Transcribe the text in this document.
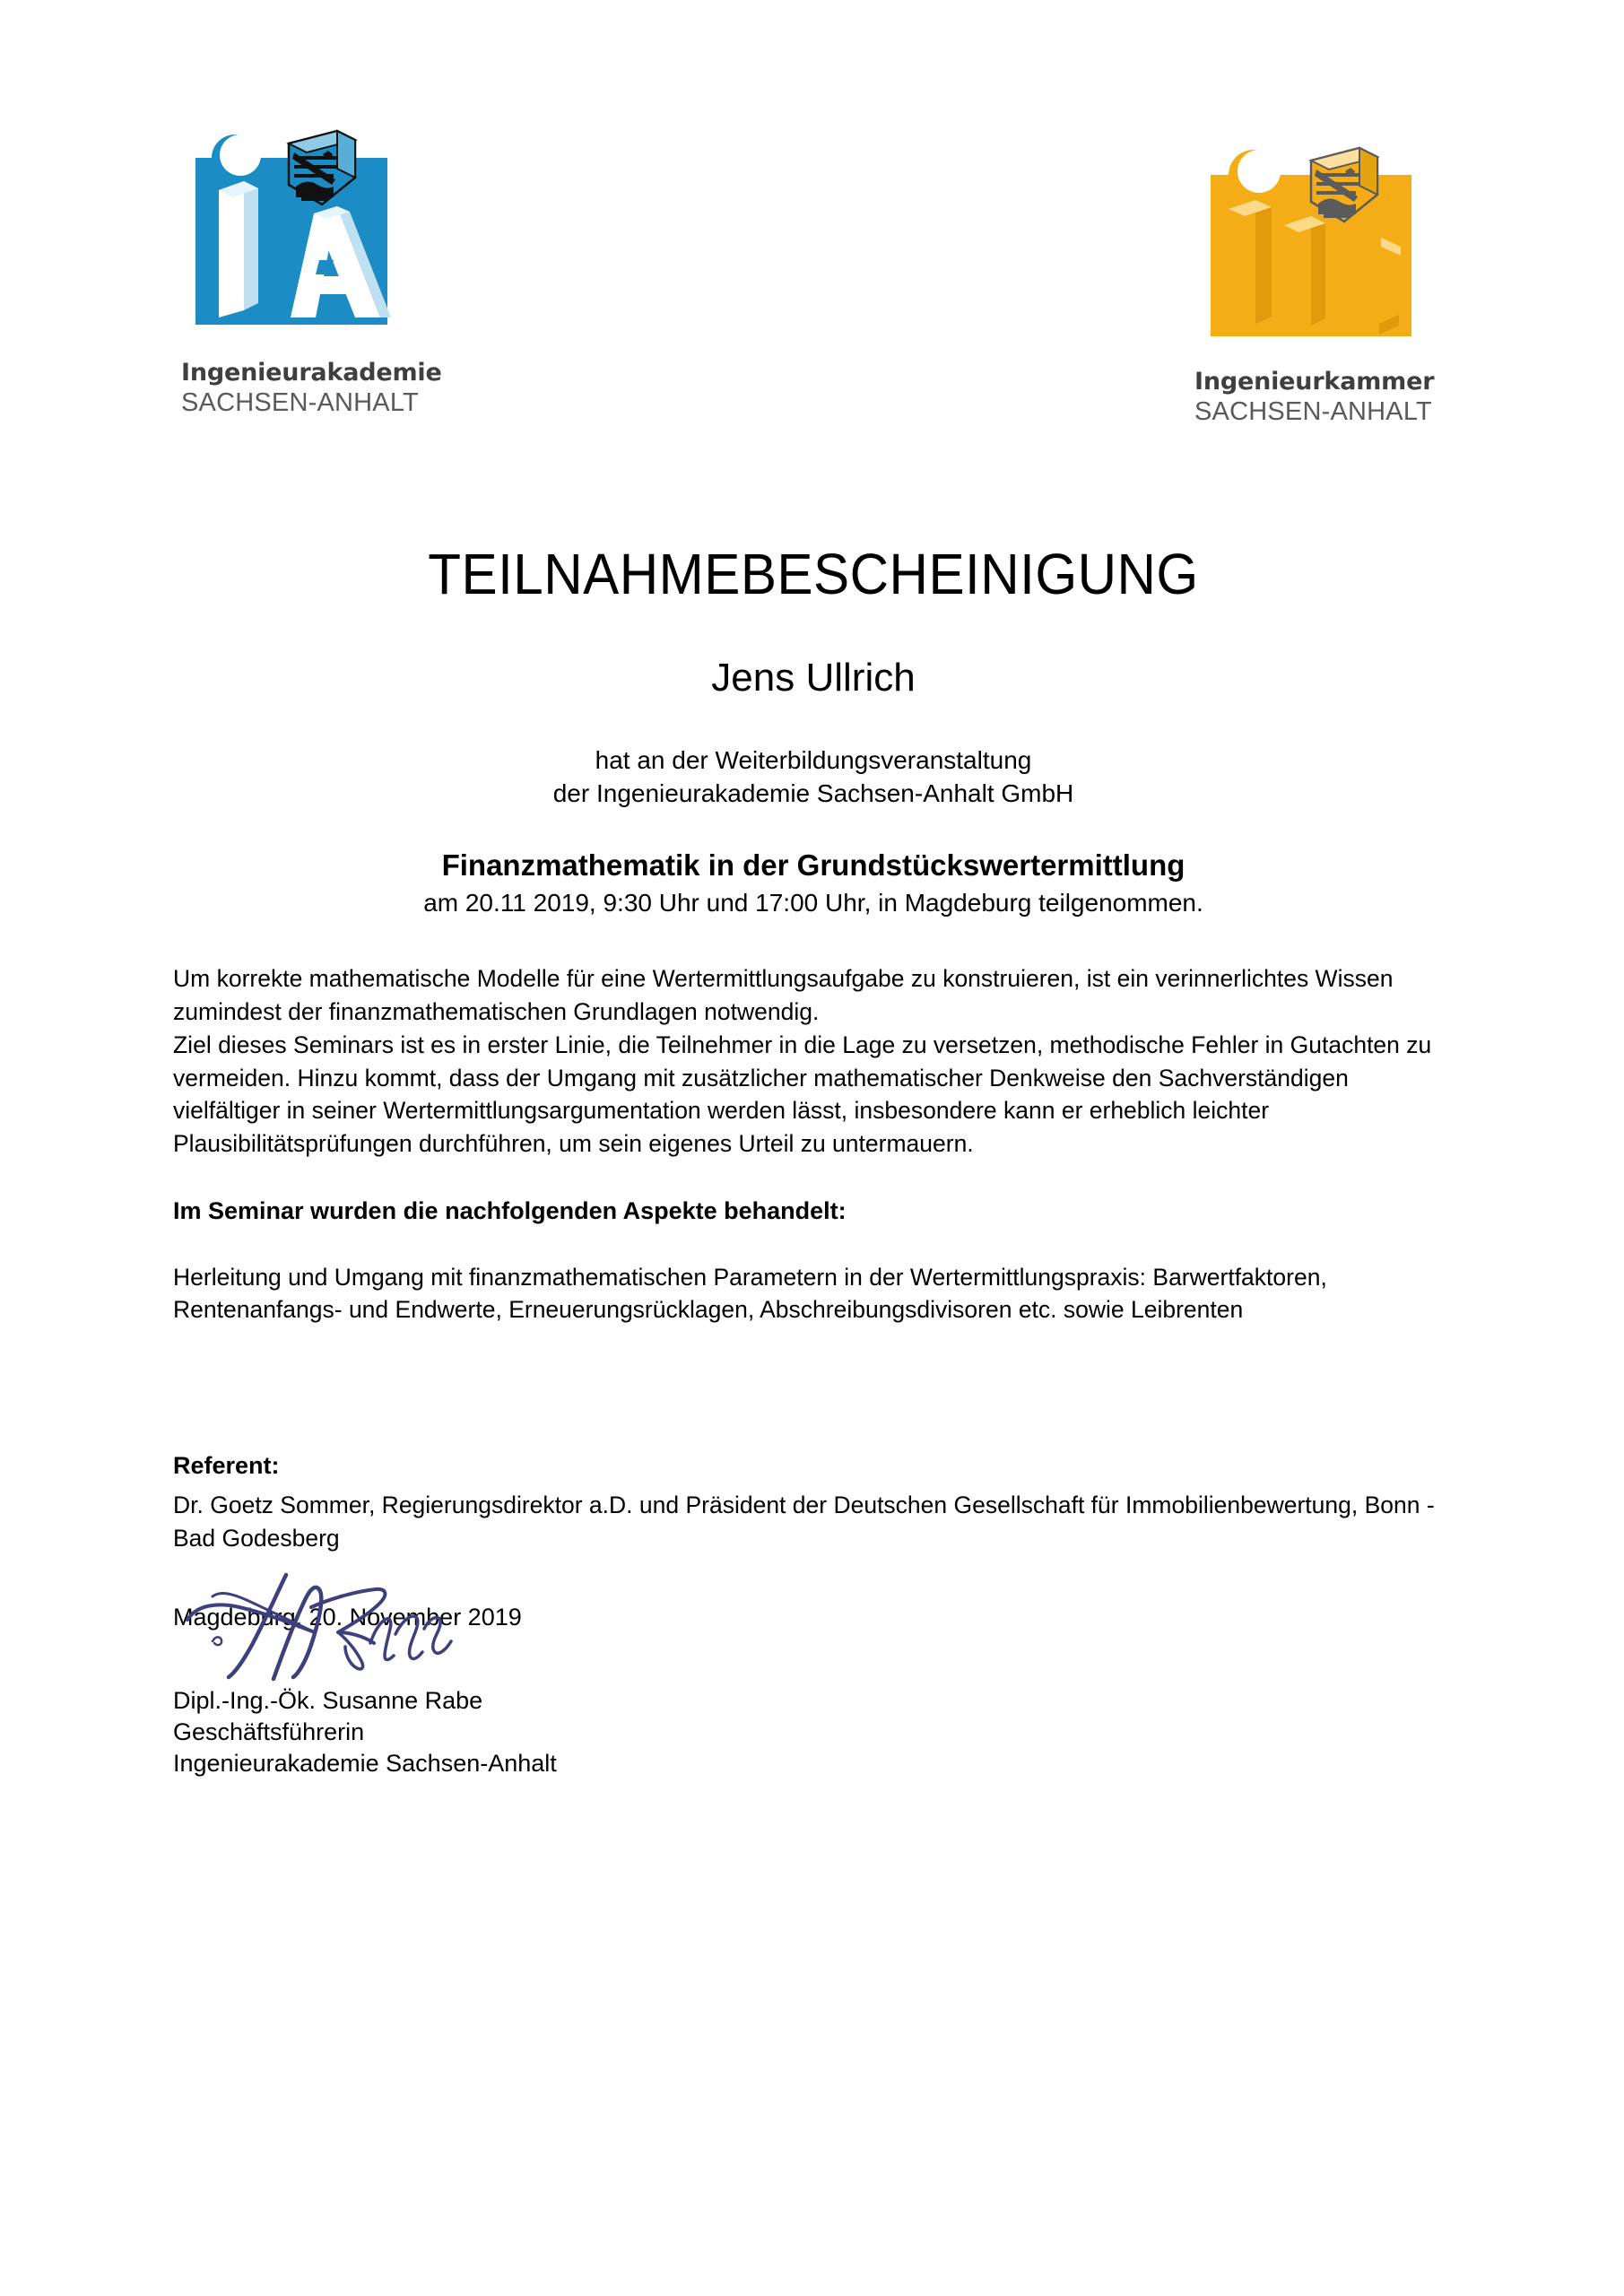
Ingenieurakademie
SACHSEN-ANHALT
Ingenieurkammer
SACHSEN-ANHALT
TEILNAHMEBESCHEINIGUNG
Jens Ullrich
hat an der Weiterbildungsveranstaltung
der Ingenieurakademie Sachsen-Anhalt GmbH
Finanzmathematik in der Grundstückswertermittlung
am 20.11 2019, 9:30 Uhr und 17:00 Uhr, in Magdeburg teilgenommen.

Um korrekte mathematische Modelle für eine Wertermittlungsaufgabe zu konstruieren, ist ein verinnerlichtes Wissen zumindest der finanzmathematischen Grundlagen notwendig.

Ziel dieses Seminars ist es in erster Linie, die Teilnehmer in die Lage zu versetzen, methodische Fehler in Gutachten zu vermeiden. Hinzu kommt, dass der Umgang mit zusätzlicher mathematischer Denkweise den Sachverständigen vielfältiger in seiner Wertermittlungsargumentation werden lässt, insbesondere kann er erheblich leichter Plausibilitätsprüfungen durchführen, um sein eigenes Urteil zu untermauern.

Im Seminar wurden die nachfolgenden Aspekte behandelt:

Herleitung und Umgang mit finanzmathematischen Parametern in der Wertermittlungspraxis: Barwertfaktoren, Rentenanfangs- und Endwerte, Erneuerungsrücklagen, Abschreibungsdivisoren etc. sowie Leibrenten

Referent:

Dr. Goetz Sommer, Regierungsdirektor a.D. und Präsident der Deutschen Gesellschaft für Immobilienbewertung, Bonn - Bad Godesberg

Magdeburg, 20. November 2019
Dipl.-Ing.-Ök. Susanne Rabe
Geschäftsführerin
Ingenieurakademie Sachsen-Anhalt
